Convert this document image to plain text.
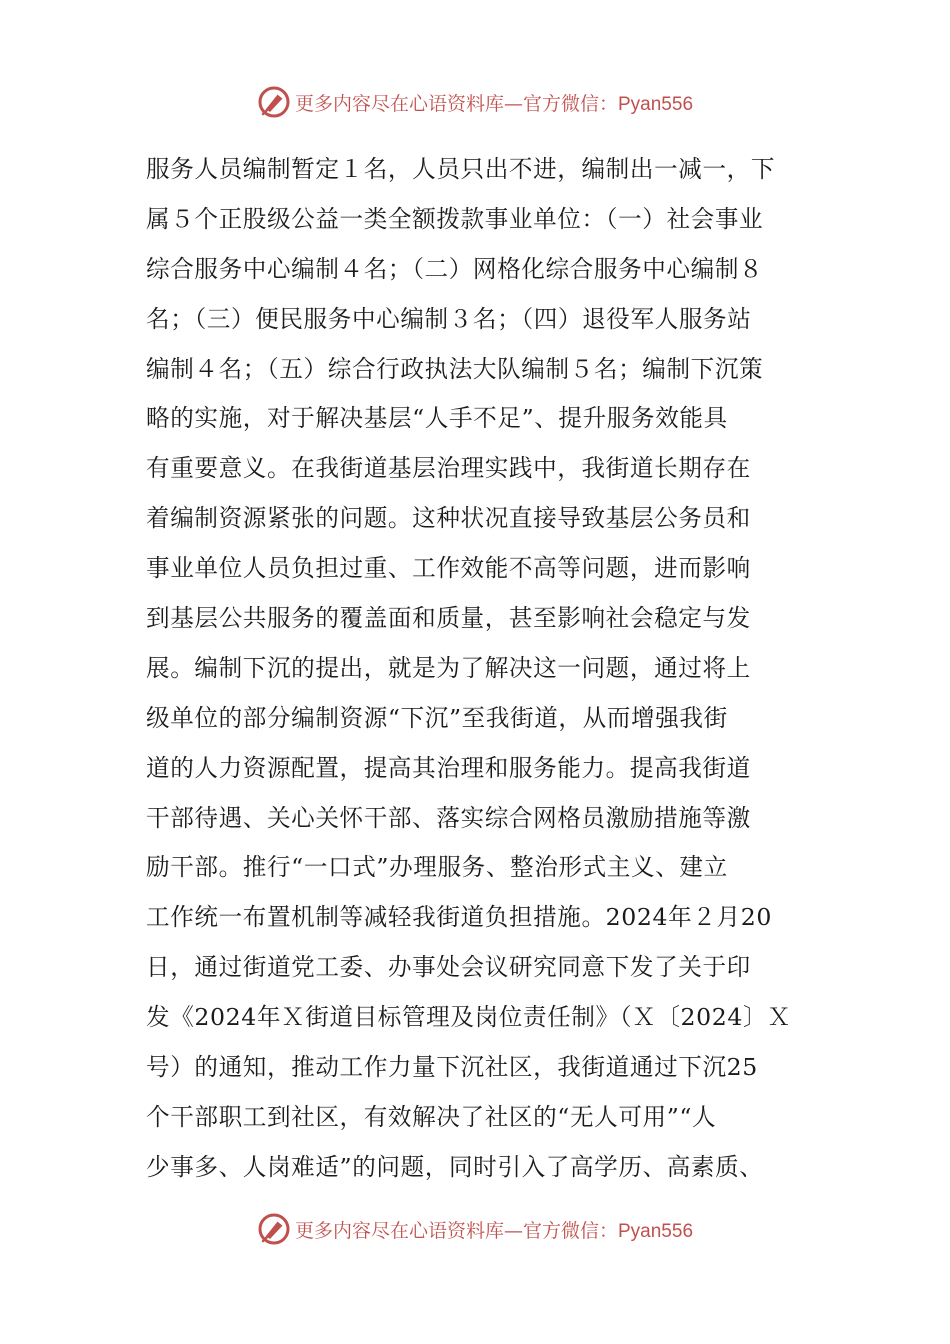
更多内容尽在心语资料库—官方微信：Pyan556
服务人员编制暂定１名，人员只出不进，编制出一减一，下
属５个正股级公益一类全额拨款事业单位：（一）社会事业
综合服务中心编制４名；（二）网格化综合服务中心编制８
名；（三）便民服务中心编制３名；（四）退役军人服务站
编制４名；（五）综合行政执法大队编制５名；编制下沉策
略的实施，对于解决基层“人手不足”、提升服务效能具
有重要意义。在我街道基层治理实践中，我街道长期存在
着编制资源紧张的问题。这种状况直接导致基层公务员和
事业单位人员负担过重、工作效能不高等问题，进而影响
到基层公共服务的覆盖面和质量，甚至影响社会稳定与发
展。编制下沉的提出，就是为了解决这一问题，通过将上
级单位的部分编制资源“下沉”至我街道，从而增强我街
道的人力资源配置，提高其治理和服务能力。提高我街道
干部待遇、关心关怀干部、落实综合网格员激励措施等激
励干部。推行“一口式”办理服务、整治形式主义、建立
工作统一布置机制等减轻我街道负担措施。2024年２月20
日，通过街道党工委、办事处会议研究同意下发了关于印
发《2024年Ｘ街道目标管理及岗位责任制》（Ｘ〔2024〕Ｘ
号）的通知，推动工作力量下沉社区，我街道通过下沉25
个干部职工到社区，有效解决了社区的“无人可用”“人
少事多、人岗难适”的问题，同时引入了高学历、高素质、
更多内容尽在心语资料库—官方微信：Pyan556
